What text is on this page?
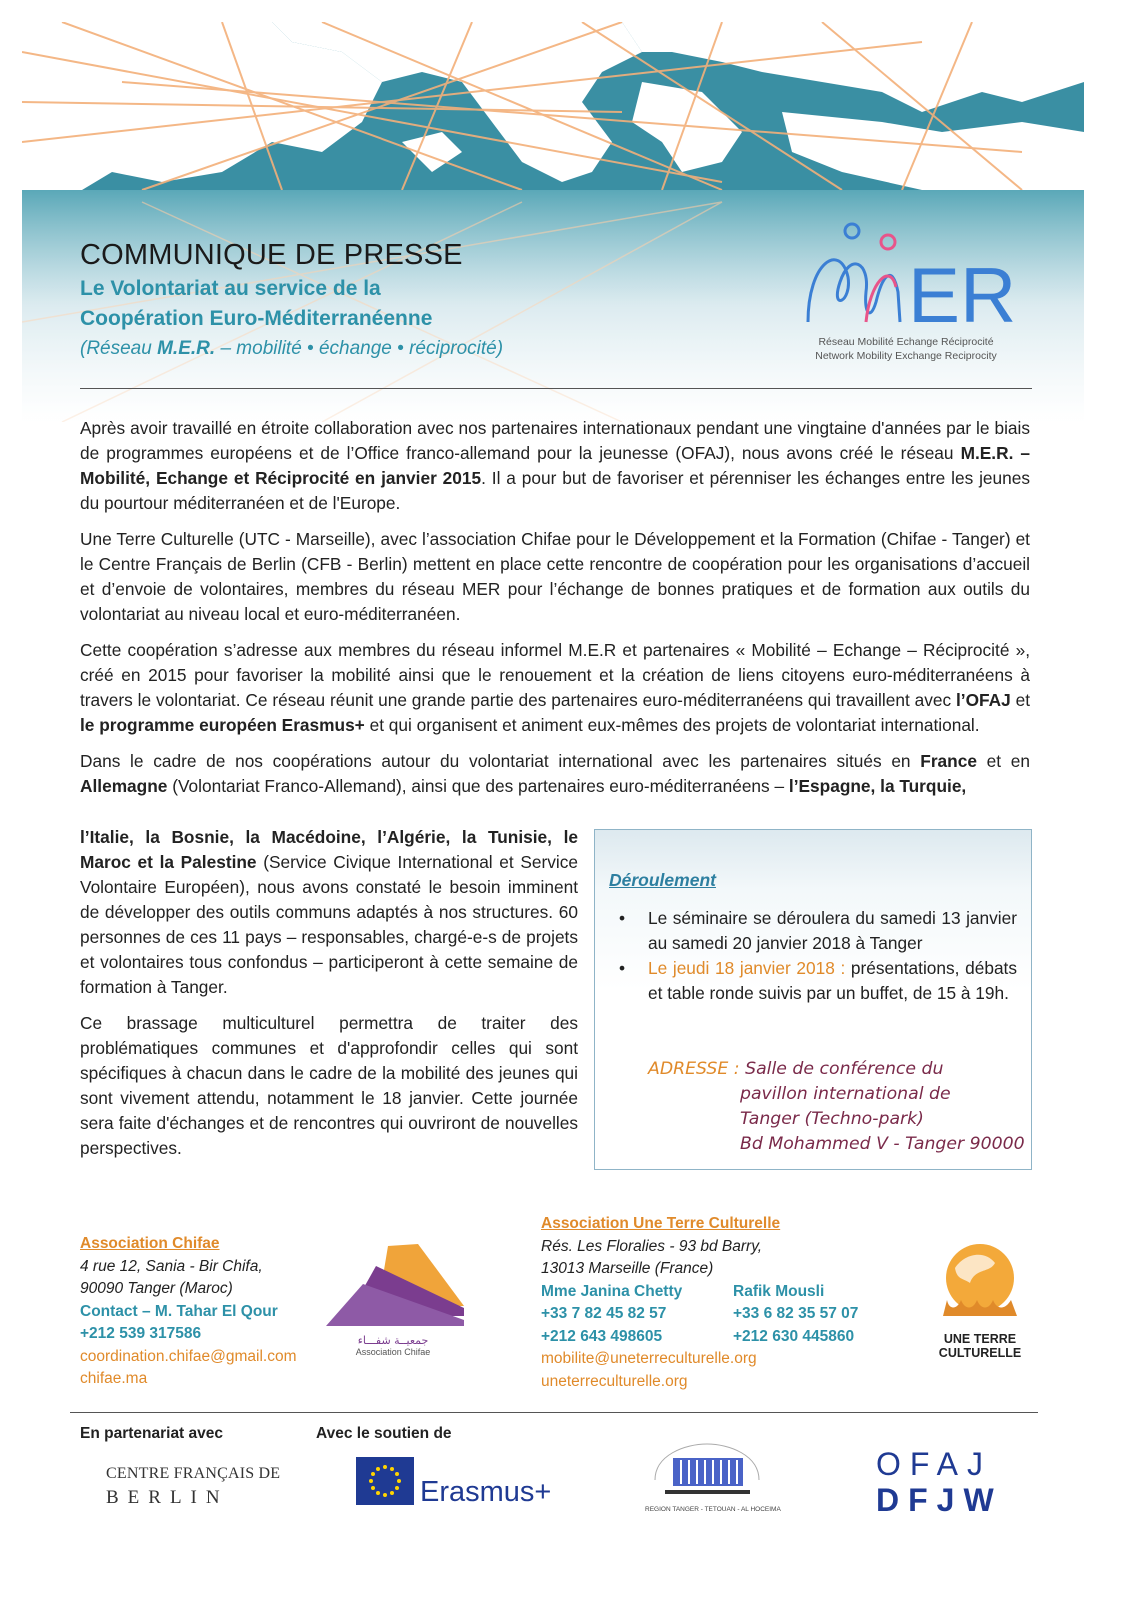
COMMUNIQUE DE PRESSE
Le Volontariat au service de la
Coopération Euro-Méditerranéenne
(Réseau M.E.R. – mobilité • échange • réciprocité)
ER
Réseau Mobilité Echange Réciprocité
Network Mobility Exchange Reciprocity

Après avoir travaillé en étroite collaboration avec nos partenaires internationaux pendant une vingtaine d'années par le biais de programmes européens et de l’Office franco-allemand pour la jeunesse (OFAJ), nous avons créé le réseau M.E.R. – Mobilité, Echange et Réciprocité en janvier 2015. Il a pour but de favoriser et pérenniser les échanges entre les jeunes du pourtour méditerranéen et de l'Europe.

Une Terre Culturelle (UTC - Marseille), avec l’association Chifae pour le Développement et la Formation (Chifae - Tanger) et le Centre Français de Berlin (CFB - Berlin) mettent en place cette rencontre de coopération pour les organisations d’accueil et d’envoie de volontaires, membres du réseau MER pour l’échange de bonnes pratiques et de formation aux outils du volontariat au niveau local et euro-méditerranéen.

Cette coopération s’adresse aux membres du réseau informel M.E.R et partenaires « Mobilité – Echange – Réciprocité », créé en 2015 pour favoriser la mobilité ainsi que le renouement et la création de liens citoyens euro-méditerranéens à travers le volontariat. Ce réseau réunit une grande partie des partenaires euro-méditerranéens qui travaillent avec l’OFAJ et le programme européen Erasmus+ et qui organisent et animent eux-mêmes des projets de volontariat international.

Dans le cadre de nos coopérations autour du volontariat international avec les partenaires situés en France et en Allemagne (Volontariat Franco-Allemand), ainsi que des partenaires euro-méditerranéens – l’Espagne, la Turquie,

l’Italie, la Bosnie, la Macédoine, l’Algérie, la Tunisie, le Maroc et la Palestine (Service Civique International et Service Volontaire Européen), nous avons constaté le besoin imminent de développer des outils communs adaptés à nos structures. 60 personnes de ces 11 pays – responsables, chargé-e-s de projets et volontaires tous confondus – participeront à cette semaine de formation à Tanger.

Ce brassage multiculturel permettra de traiter des problématiques communes et d'approfondir celles qui sont spécifiques à chacun dans le cadre de la mobilité des jeunes qui sont vivement attendu, notamment le 18 janvier. Cette journée sera faite d'échanges et de rencontres qui ouvriront de nouvelles perspectives.

Déroulement
• Le séminaire se déroulera du samedi 13 janvier au samedi 20 janvier 2018 à Tanger
• Le jeudi 18 janvier 2018 : présentations, débats et table ronde suivis par un buffet, de 15 à 19h.
ADRESSE : Salle de conférence du
pavillon international de
Tanger (Techno-park)
Bd Mohammed V - Tanger 90000
Association Chifae
4 rue 12, Sania - Bir Chifa,
90090 Tanger (Maroc)
Contact – M. Tahar El Qour
+212 539 317586
coordination.chifae@gmail.com
chifae.ma
جمعيــة شفـــاء
Association Chifae
Association Une Terre Culturelle
Rés. Les Floralies - 93 bd Barry,
13013 Marseille (France)
Mme Janina Chetty
+33 7 82 45 82 57
+212 643 498605
Rafik Mousli
+33 6 82 35 57 07
+212 630 445860
mobilite@uneterreculturelle.org
uneterreculturelle.org
UNE TERRE
CULTURELLE
En partenariat avec	Avec le soutien de
CENTRE FRANÇAIS DE
BERLIN	Erasmus+
REGION TANGER - TETOUAN - AL HOCEIMA
OFAJ
DFJW
